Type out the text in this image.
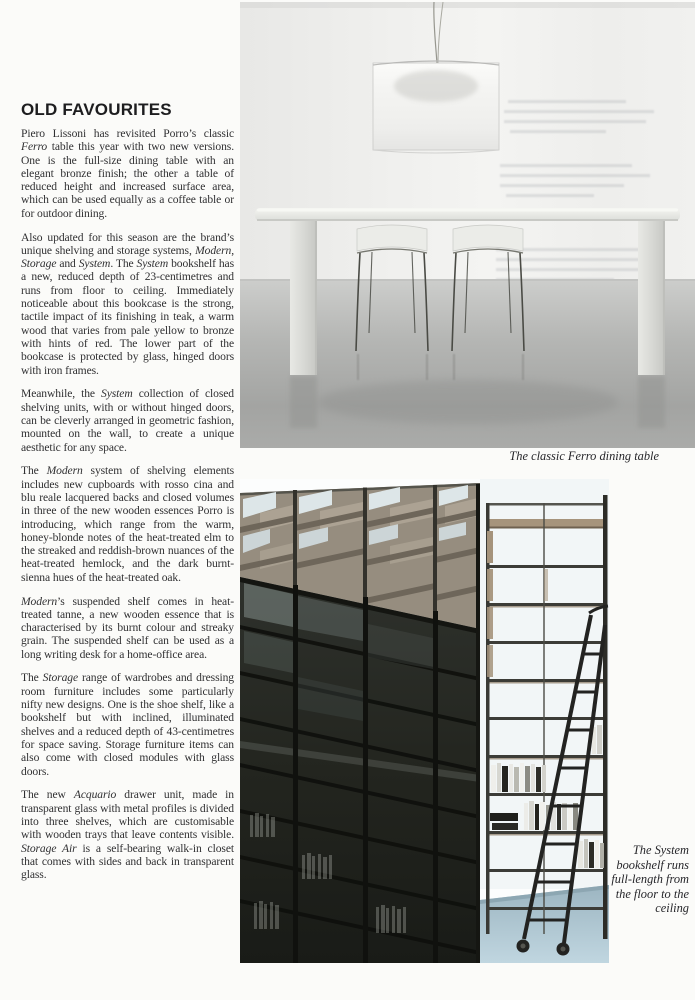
OLD FAVOURITES

Piero Lissoni has revisited Porro’s classic Ferro table this year with two new versions. One is the full-size dining table with an elegant bronze finish; the other a table of reduced height and increased surface area, which can be used equally as a coffee table or for outdoor dining.

Also updated for this season are the brand’s unique shelving and storage systems, Modern, Storage and System. The System bookshelf has a new, reduced depth of 23-centimetres and runs from floor to ceiling. Immediately noticeable about this bookcase is the strong, tactile impact of its finishing in teak, a warm wood that varies from pale yellow to bronze with hints of red. The lower part of the bookcase is protected by glass, hinged doors with iron frames.

Meanwhile, the System collection of closed shelving units, with or without hinged doors, can be cleverly arranged in geometric fashion, mounted on the wall, to create a unique aesthetic for any space.

The Modern system of shelving elements includes new cupboards with rosso cina and blu reale lacquered backs and closed volumes in three of the new wooden essences Porro is introducing, which range from the warm, honey-blonde notes of the heat-treated elm to the streaked and reddish-brown nuances of the heat-treated hemlock, and the dark burnt-sienna hues of the heat-treated oak.

Modern’s suspended shelf comes in heat-treated tanne, a new wooden essence that is characterised by its burnt colour and streaky grain. The suspended shelf can be used as a long writing desk for a home-office area.

The Storage range of wardrobes and dressing room furniture includes some particularly nifty new designs. One is the shoe shelf, like a bookshelf but with inclined, illuminated shelves and a reduced depth of 43-centimetres for space saving. Storage furniture items can also come with closed modules with glass doors.

The new Acquario drawer unit, made in transparent glass with metal profiles is divided into three shelves, which are customisable with wooden trays that leave contents visible. Storage Air is a self-bearing walk-in closet that comes with sides and back in transparent glass.

The classic Ferro dining table
The System bookshelf runs full-length from the floor to the ceiling
